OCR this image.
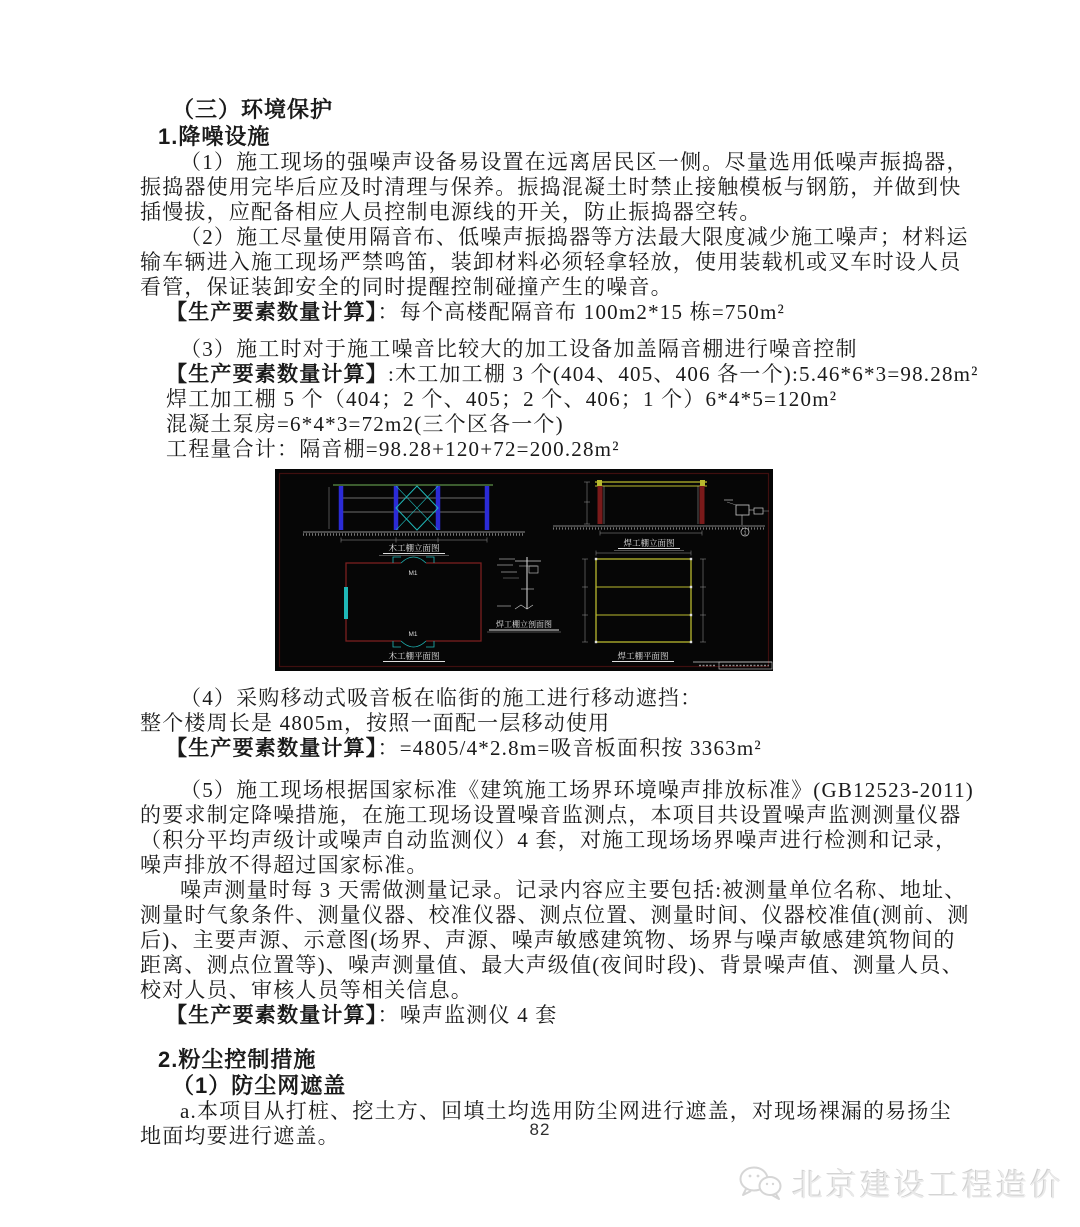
（三）环境保护
1.降噪设施
（1）施工现场的强噪声设备易设置在远离居民区一侧。尽量选用低噪声振捣器，
振捣器使用完毕后应及时清理与保养。振捣混凝土时禁止接触模板与钢筋，并做到快
插慢拔，应配备相应人员控制电源线的开关，防止振捣器空转。
（2）施工尽量使用隔音布、低噪声振捣器等方法最大限度减少施工噪声；材料运
输车辆进入施工现场严禁鸣笛，装卸材料必须轻拿轻放，使用装载机或叉车时设人员
看管，保证装卸安全的同时提醒控制碰撞产生的噪音。
【生产要素数量计算】：每个高楼配隔音布 100m2*15 栋=750m²
（3）施工时对于施工噪音比较大的加工设备加盖隔音棚进行噪音控制
【生产要素数量计算】:木工加工棚 3 个(404、405、406 各一个):5.46*6*3=98.28m²
焊工加工棚 5 个（404；2 个、405；2 个、406；1 个）6*4*5=120m²
混凝土泵房=6*4*3=72m2(三个区各一个)
工程量合计：隔音棚=98.28+120+72=200.28m²
木工棚立面图
M1
M1
木工棚平面图
焊工棚立面图
1
焊工棚立剖面图
焊工棚平面图
（4）采购移动式吸音板在临街的施工进行移动遮挡：
整个楼周长是 4805m，按照一面配一层移动使用
【生产要素数量计算】：=4805/4*2.8m=吸音板面积按 3363m²
（5）施工现场根据国家标准《建筑施工场界环境噪声排放标准》(GB12523-2011)
的要求制定降噪措施，在施工现场设置噪音监测点，本项目共设置噪声监测测量仪器
（积分平均声级计或噪声自动监测仪）4 套，对施工现场场界噪声进行检测和记录，
噪声排放不得超过国家标准。
噪声测量时每 3 天需做测量记录。记录内容应主要包括:被测量单位名称、地址、
测量时气象条件、测量仪器、校准仪器、测点位置、测量时间、仪器校准值(测前、测
后)、主要声源、示意图(场界、声源、噪声敏感建筑物、场界与噪声敏感建筑物间的
距离、测点位置等)、噪声测量值、最大声级值(夜间时段)、背景噪声值、测量人员、
校对人员、审核人员等相关信息。
【生产要素数量计算】：噪声监测仪 4 套
2.粉尘控制措施
（1）防尘网遮盖
a.本项目从打桩、挖土方、回填土均选用防尘网进行遮盖，对现场裸漏的易扬尘
地面均要进行遮盖。	82
北京建设工程造价
